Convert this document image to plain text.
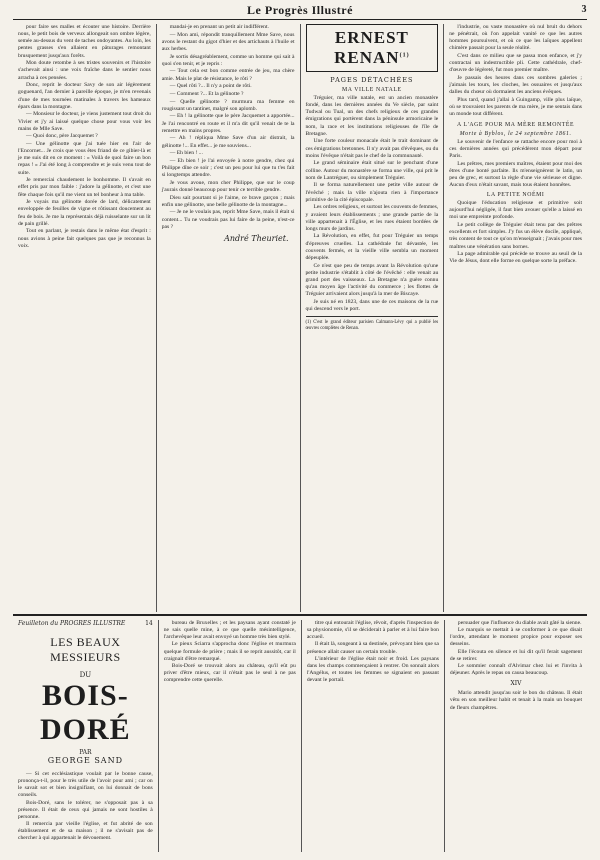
Le Progrès Illustré	3

pour faire ses malles et écouter une histoire. Derrière nous, le petit bois de verveux allongeait son ombre légère, semée au-dessus du vent de taches ondoyantes. Au loin, les pentes grasses s'en allaient en pâturages remontant brusquement jusqu'aux forêts.

Mon doute retombe à ses tristes souvenirs et l'histoire s'achevait ainsi : une voix fraîche dans le sentier nous arracha à ces pensées.

Donc, reprit le docteur Savy de son air légèrement goguenard, l'an dernier à pareille époque, je m'en revenais d'une de mes tournées matinales à travers les hameaux épars dans la montagne.

— Monsieur le docteur, je viens justement tout droit du Vivier et j'y ai laissé quelque chose pour vous voir les mains de Mlle Save.

— Quoi donc, père Jacquemet ?

— Une gélinotte que j'ai tuée hier en l'air de l'Encornet... Je crois que vous êtes friand de ce gibier-là et je me suis dit en ce moment : « Voilà de quoi faire un bon repas ! » J'ai été long à comprendre et je suis venu tout de suite.

Je remerciai chaudement le bonhomme. Il s'avait en effet pris par mon faible : j'adore la gélinotte, et c'est une fête chaque fois qu'il me vient un tel bonheur à ma table.

Je voyais ma gélinotte dorée de lard, délicatement enveloppée de feuilles de vigne et rôtissant doucement au feu de bois. Je me la représentais déjà ruisselante sur un lit de pain grillé.

Tout en parlant, je restais dans le même état d'esprit : nous avions à peine fait quelques pas que je reconnus la voix.

mandai-je en prenant un petit air indifférent.

— Mon ami, répondit tranquillement Mme Save, nous avons le restant du gigot d'hier et des artichauts à l'huile et aux herbes.

Je sortis désagréablement, comme un homme qui sait à quoi s'en tenir, et je repris :

— Tout cela est bon comme entrée de jeu, ma chère amie. Mais le plat de résistance, le rôti ?

— Quel rôti ?... Il n'y a point de rôti.

— Comment ?... Et la gélinotte ?

— Quelle gélinotte ? murmura ma femme en rougissant un tantinet, malgré son aplomb.

— Eh ! la gélinotte que le père Jacquemet a apportée... Je l'ai rencontré en route et il m'a dit qu'il venait de te la remettre en mains propres.

— Ah ! répliqua Mme Save d'un air distrait, la gélinotte !... En effet... je me souviens...

— Eh bien ! ...

— Eh bien ! je l'ai envoyée à notre gendre, chez qui Philippe dîne ce soir ; c'est un peu pour lui que tu t'es fait si longtemps attendre.

Je vous avoue, mon cher Philippe, que sur le coup j'aurais donné beaucoup pour tenir ce terrible gendre.

Dieu sait pourtant si je l'aime, ce brave garçon ; mais enfin une gélinotte, une belle gélinotte de la montagne...

— Je ne le voulais pas, reprit Mme Save, mais il était si content... Tu ne voudrais pas lui faire de la peine, n'est-ce pas ?

André Theuriet.
ERNEST RENAN$^{(1)}$
PAGES DÉTACHÉES
MA VILLE NATALE

Tréguier, ma ville natale, est un ancien monastère fondé, dans les dernières années du Ve siècle, par saint Tudwal ou Tual, un des chefs religieux de ces grandes émigrations qui portèrent dans la péninsule armoricaine le nom, la race et les institutions religieuses de l'île de Bretagne.

Une forte couleur monacale était le trait dominant de ces émigrations bretonnes. Il n'y avait pas d'évêques, ou du moins l'évêque n'était pas le chef de la communauté.

Le grand séminaire était situé sur le penchant d'une colline. Autour du monastère se forma une ville, qui prit le nom de Lantréguer, ou simplement Tréguier.

Il se forma naturellement une petite ville autour de l'évêché ; mais la ville n'ajouta rien à l'importance primitive de la cité épiscopale.

Les ordres religieux, et surtout les couvents de femmes, y avaient leurs établissements ; une grande partie de la ville appartenait à l'Église, et les rues étaient bordées de longs murs de jardins.

La Révolution, en effet, fut pour Tréguier un temps d'épreuves cruelles. La cathédrale fut dévastée, les couvents fermés, et la vieille ville sembla un moment dépeuplée.

Ce n'est que peu de temps avant la Révolution qu'une petite industrie s'établit à côté de l'évêché : elle venait au grand port des vaisseaux. La Bretagne n'a guère connu qu'au moyen âge l'activité du commerce ; les flottes de Tréguier arrivaient alors jusqu'à la mer de Biscaye.

Je suis né en 1823, dans une de ces maisons de la rue qui descend vers le port.

(1) C'est le grand éditeur parisien Calmann-Lévy qui a publié les œuvres complètes de Renan.

l'industrie, ou vaste monastère où nul bruit du dehors ne pénétrait, où l'on appelait vanité ce que les autres hommes poursuivent, et où ce que les laïques appellent chimère passait pour la seule réalité.

C'est dans ce milieu que se passa mon enfance, et j'y contractai un indestructible pli. Cette cathédrale, chef-d'œuvre de légèreté, fut mon premier maître.

Je passais des heures dans ces sombres galeries ; j'aimais les tours, les cloches, les ossuaires et jusqu'aux dalles du chœur où dormaient les anciens évêques.

Plus tard, quand j'allai à Guingamp, ville plus laïque, où se trouvaient les parents de ma mère, je me sentais dans un monde tout différent.

A L'AGE POUR MA MÈRE REMONTÉE
Morte à Byblos, le 24 septembre 1861.

Le souvenir de l'enfance se rattache encore pour moi à ces dernières années qui précédèrent mon départ pour Paris.

Les prêtres, mes premiers maîtres, étaient pour moi des êtres d'une bonté parfaite. Ils m'enseignèrent le latin, un peu de grec, et surtout la règle d'une vie sérieuse et digne. Aucun d'eux n'était savant, mais tous étaient honnêtes.

LA PETITE NOÉMI

Quoique l'éducation religieuse et primitive soit aujourd'hui négligée, il faut bien avouer qu'elle a laissé en moi une empreinte profonde.

Le petit collège de Tréguier était tenu par des prêtres excellents et fort simples. J'y fus un élève docile, appliqué, très content de tout ce qu'on m'enseignait ; j'avais pour mes maîtres une vénération sans bornes.

La page admirable qui précède se trouve au seuil de la Vie de Jésus, dont elle forme en quelque sorte la préface.

Feuilleton du PROGRÈS ILLUSTRÉ	14
LES BEAUX MESSIEURS
DU
BOIS-DORÉ
PAR
GEORGE SAND

— Si cet ecclésiastique voulait par le bonne cause, prononça-t-il, pour le très utile de l'avoir pour ami ; car on le savait sot et bien insignifiant, on lui donnait de bons conseils.

Bois-Doré, sans le tolérer, ne s'opposait pas à sa présence. Il était de ceux qui jamais ne sont hostiles à personne.

Il remercia par vieille l'église, et fut abrité de son établissement et de sa maison ; il ne s'avisait pas de chercher à qui appartenait le dévouement.

bureau de Bruxelles ; et les paysans ayant constaté je ne sais quelle mine, à ce que quelle mésintelligence, l'archevêque leur avait envoyé un homme très bien stylé.

Le pieux Sciarra s'approcha donc l'église et murmura quelque formule de prière ; mais il se reprit aussitôt, car il craignait d'être remarqué.

Bois-Doré se trouvait alors au château, qu'il eût pu priver d'être mieux, car il n'était pas le seul à ne pas comprendre cette querelle.

titre qui entourait l'église, rêvoit, d'après l'inspection de sa physionomie, s'il se déciderait à parler et à lui faire bon accueil.

Il était là, songeant à sa destinée, prévoyant bien que sa présence allait causer un certain trouble.

L'intérieur de l'église était noir et froid. Les paysans dans les champs commençaient à rentrer. On sonnait alors l'Angélus, et toutes les femmes se signaient en passant devant le portail.

persuader que l'influence du diable avait gâté la sienne.

Le marquis se mettait à se conformer à ce que disait l'ordre, attendant le moment propice pour exposer ses desseins.

Elle l'écouta en silence et lui dit qu'il ferait sagement de se retirer.

Le sommier connaît d'Alvimar chez lui et l'invita à déjeuner. Après le repas on causa beaucoup.

XIV

Mario attendit jusqu'au soir le bon du château. Il était vêtu en son meilleur habit et tenait à la main un bouquet de fleurs champêtres.
